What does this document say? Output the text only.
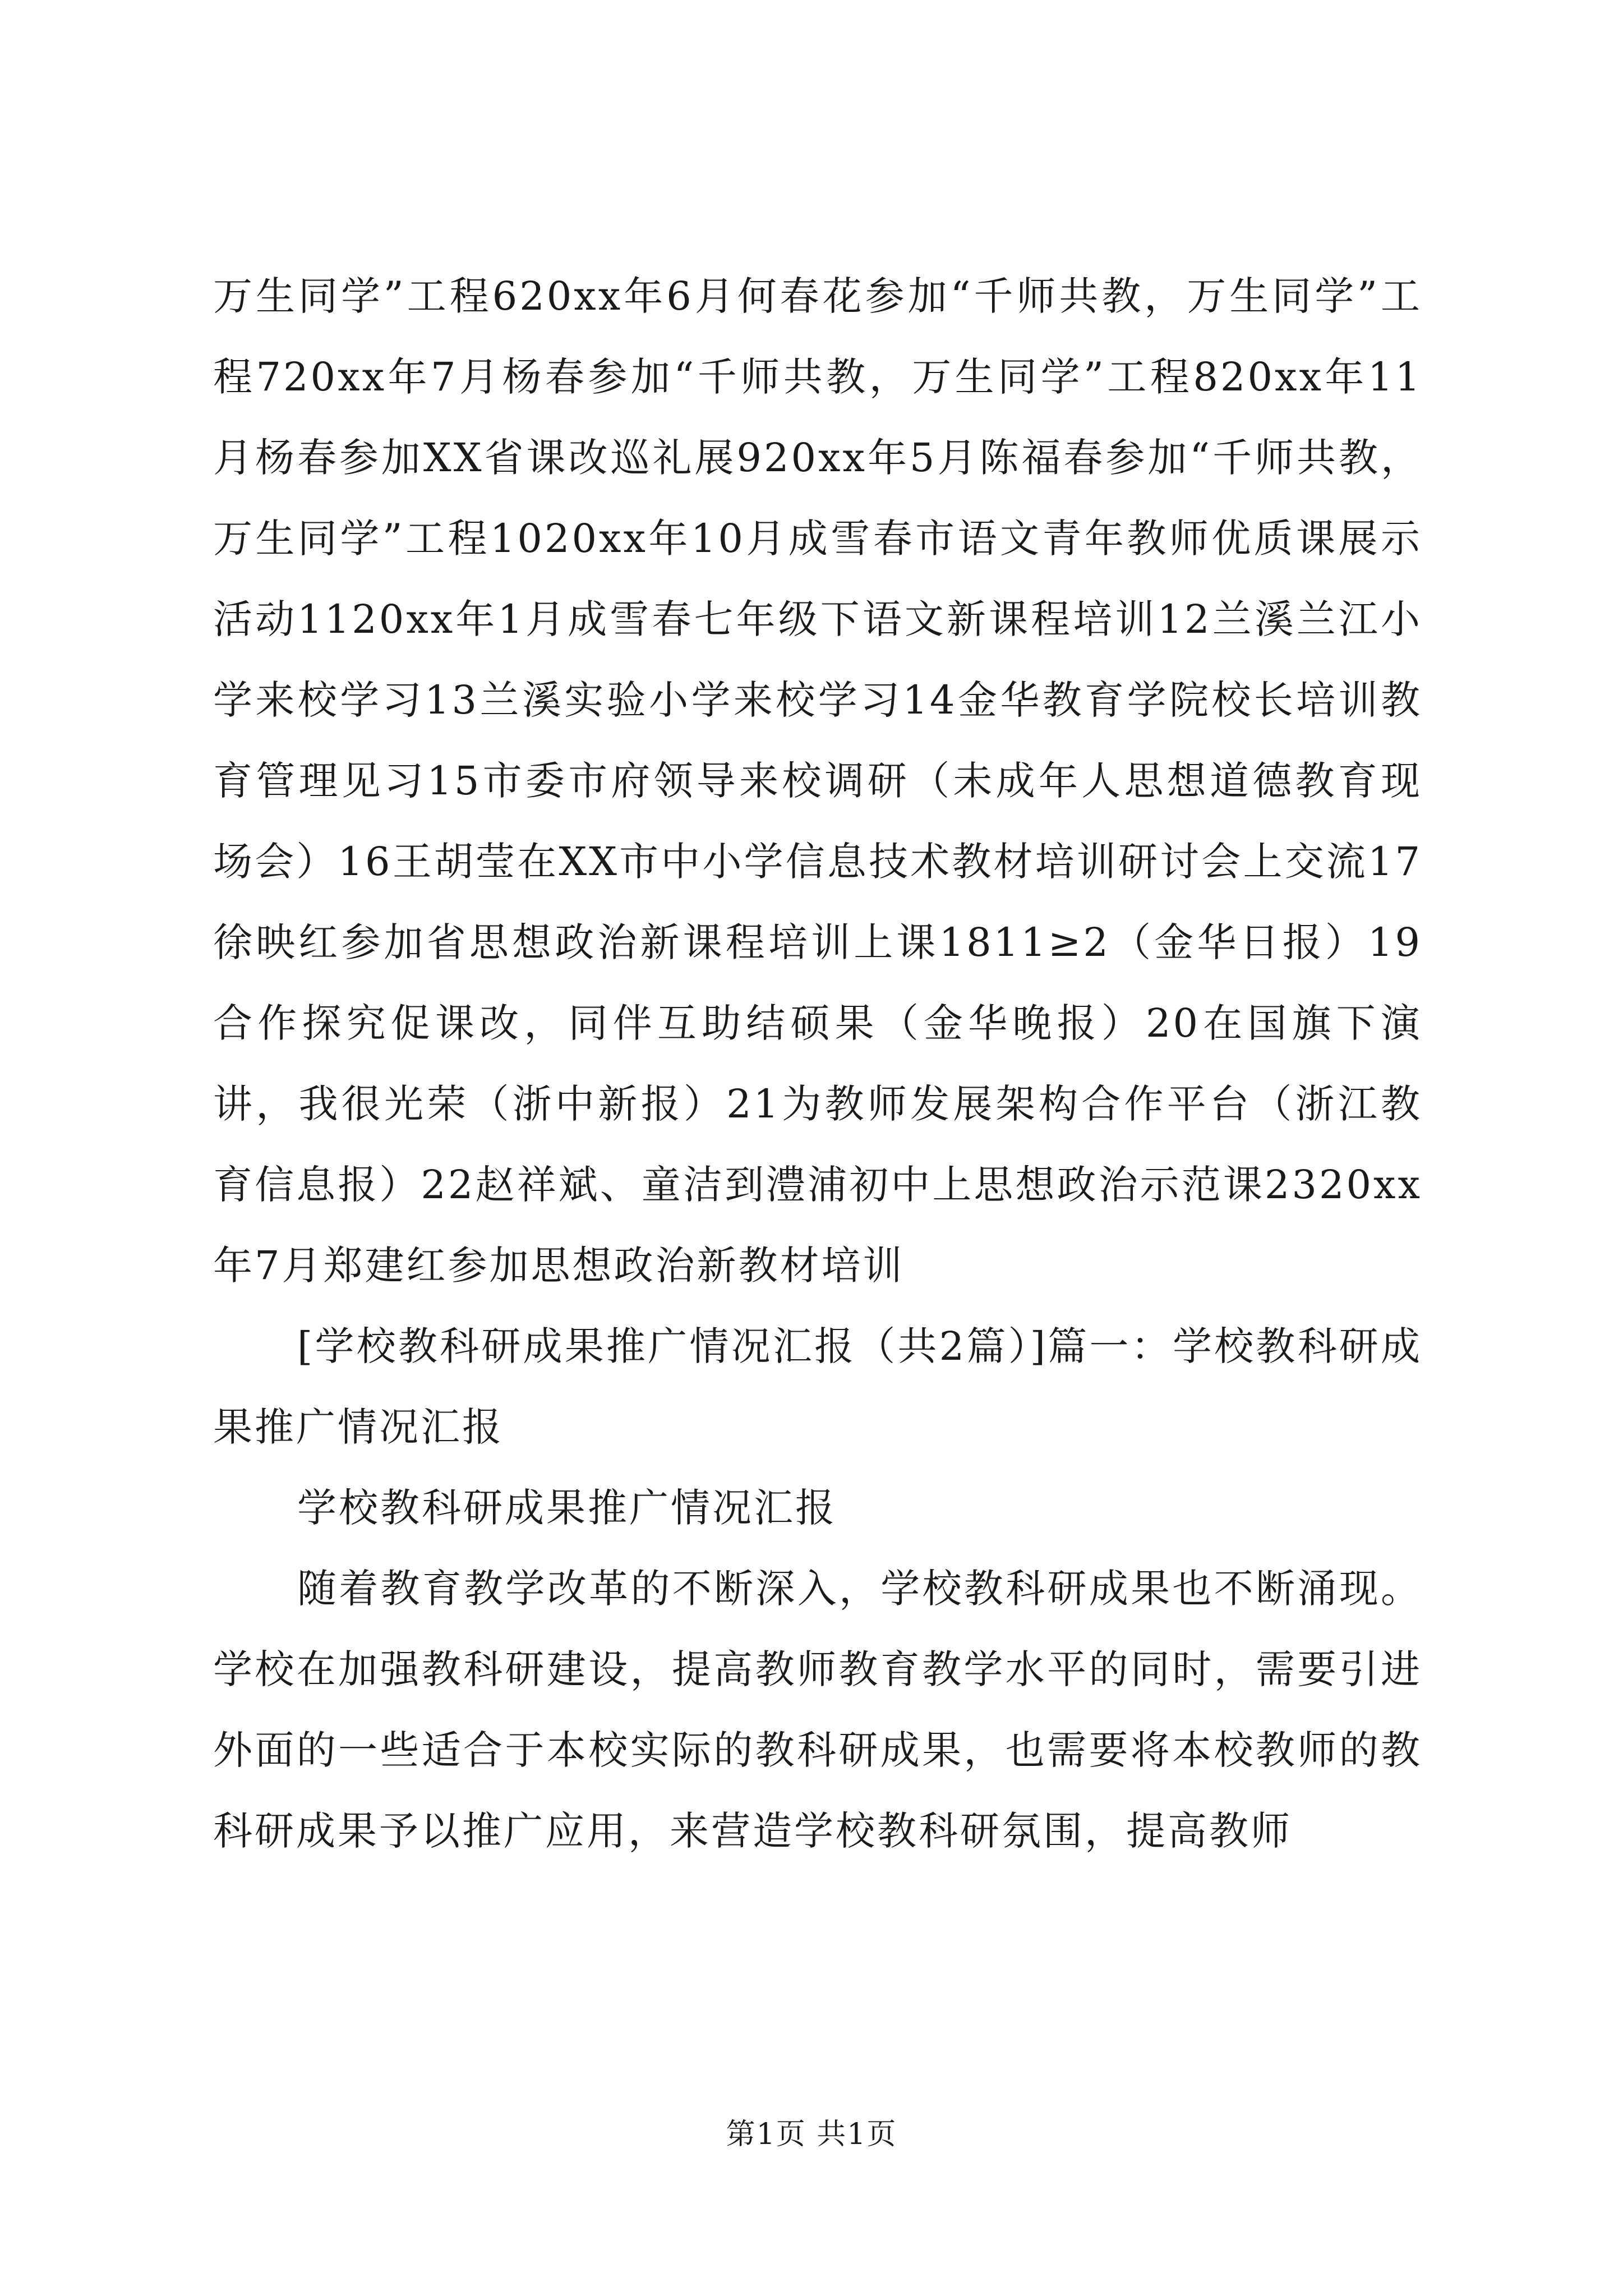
万生同学”工程620xx年6月何春花参加“千师共教，万生同学”工程720xx年7月杨春参加“千师共教，万生同学”工程820xx年11月杨春参加XX省课改巡礼展920xx年5月陈福春参加“千师共教，万生同学”工程1020xx年10月成雪春市语文青年教师优质课展示活动1120xx年1月成雪春七年级下语文新课程培训12兰溪兰江小学来校学习13兰溪实验小学来校学习14金华教育学院校长培训教育管理见习15市委市府领导来校调研（未成年人思想道德教育现场会）16王胡莹在XX市中小学信息技术教材培训研讨会上交流17徐映红参加省思想政治新课程培训上课1811≥2（金华日报）19合作探究促课改，同伴互助结硕果（金华晚报）20在国旗下演讲，我很光荣（浙中新报）21为教师发展架构合作平台（浙江教育信息报）22赵祥斌、童洁到澧浦初中上思想政治示范课2320xx年7月郑建红参加思想政治新教材培训

[学校教科研成果推广情况汇报（共2篇）]篇一：学校教科研成果推广情况汇报

学校教科研成果推广情况汇报

随着教育教学改革的不断深入，学校教科研成果也不断涌现。学校在加强教科研建设，提高教师教育教学水平的同时，需要引进外面的一些适合于本校实际的教科研成果，也需要将本校教师的教科研成果予以推广应用，来营造学校教科研氛围，提高教师

第1页 共1页
